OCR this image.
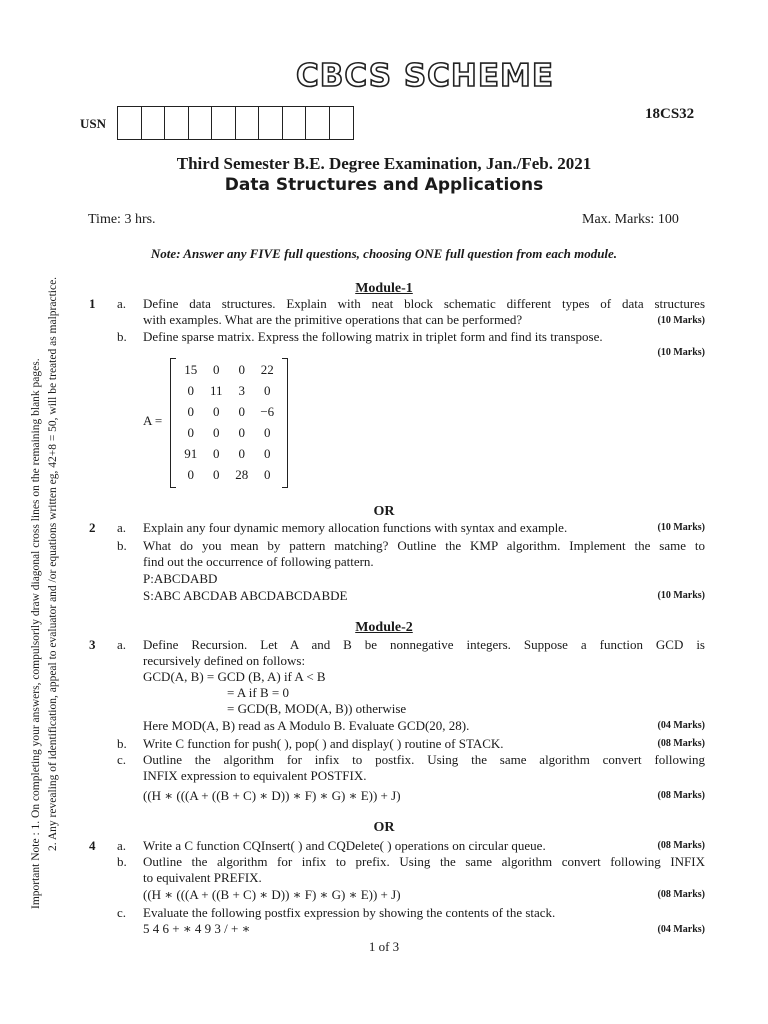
CBCS SCHEME
USN
18CS32
Third Semester B.E. Degree Examination, Jan./Feb. 2021
Data Structures and Applications
Time: 3 hrs.	Max. Marks: 100
Note: Answer any FIVE full questions, choosing ONE full question from each module.
Important Note : 1. On completing your answers, compulsorily draw diagonal cross lines on the remaining blank pages. 2. Any revealing of identification, appeal to evaluator and /or equations written eg, 42+8 = 50, will be treated as malpractice.	Module-1
1 a. Define data structures. Explain with neat block schematic different types of data structures
with examples. What are the primitive operations that can be performed?	(10 Marks)
b. Define sparse matrix. Express the following matrix in triplet form and find its transpose.
(10 Marks)
A =
15	0	0	22
0	11	3	0
0	0	0	−6
0	0	0	0
91	0	0	0
0	0	28	0
OR
2 a. Explain any four dynamic memory allocation functions with syntax and example.	(10 Marks)
b. What do you mean by pattern matching? Outline the KMP algorithm. Implement the same to
find out the occurrence of following pattern.
P:ABCDABD
S:ABC ABCDAB ABCDABCDABDE	(10 Marks)
Module-2
3 a. Define Recursion. Let A and B be nonnegative integers. Suppose a function GCD is
recursively defined on follows:
GCD(A, B) = GCD (B, A) if A < B
= A if B = 0
= GCD(B, MOD(A, B)) otherwise
Here MOD(A, B) read as A Modulo B. Evaluate GCD(20, 28).	(04 Marks)
b. Write C function for push( ), pop( ) and display( ) routine of STACK.	(08 Marks)
c. Outline the algorithm for infix to postfix. Using the same algorithm convert following
INFIX expression to equivalent POSTFIX.
((H ∗ (((A + ((B + C) ∗ D)) ∗ F) ∗ G) ∗ E)) + J)	(08 Marks)
OR
4 a. Write a C function CQInsert( ) and CQDelete( ) operations on circular queue.	(08 Marks)
b. Outline the algorithm for infix to prefix. Using the same algorithm convert following INFIX
to equivalent PREFIX.
((H ∗ (((A + ((B + C) ∗ D)) ∗ F) ∗ G) ∗ E)) + J)	(08 Marks)
c. Evaluate the following postfix expression by showing the contents of the stack.
5 4 6 + ∗ 4 9 3 / + ∗	(04 Marks)
1 of 3
